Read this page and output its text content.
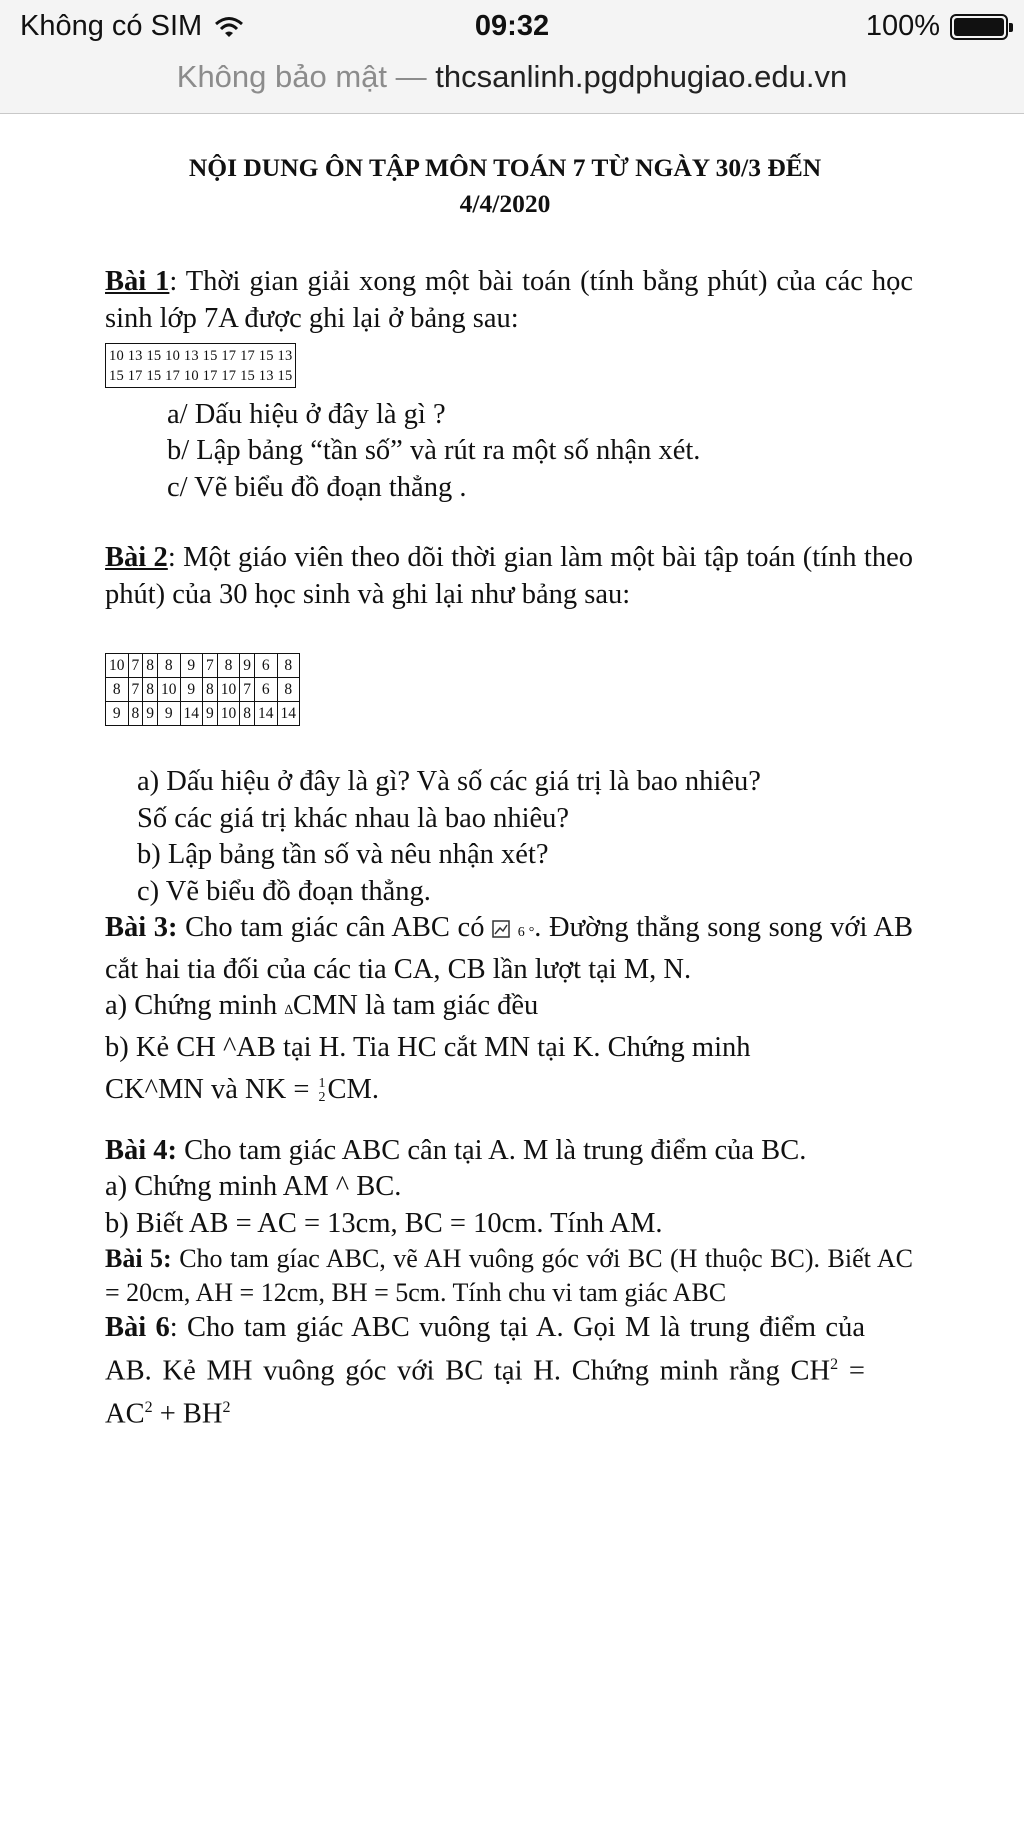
Không có SIM	09:32	100%
Không bảo mật — thcsanlinh.pgdphugiao.edu.vn
NỘI DUNG ÔN TẬP MÔN TOÁN 7 TỪ NGÀY 30/3 ĐẾN
4/4/2020
Bài 1: Thời gian giải xong một bài toán (tính bằng phút) của các học sinh lớp 7A được ghi lại ở bảng sau:
10 13 15 10 13 15 17 17 15 13
15 17 15 17 10 17 17 15 13 15
a/ Dấu hiệu ở đây là gì ?
b/ Lập bảng “tần số” và rút ra một số nhận xét.
c/ Vẽ biểu đồ đoạn thẳng .
Bài 2: Một giáo viên theo dõi thời gian làm một bài tập toán (tính theo phút) của 30 học sinh và ghi lại như bảng sau:
10	7	8	8	9	7	8	9	6	8
8	7	8	10	9	8	10	7	6	8
9	8	9	9	14	9	10	8	14	14
a) Dấu hiệu ở đây là gì? Và số các giá trị là bao nhiêu?
Số các giá trị khác nhau là bao nhiêu?
b) Lập bảng tần số và nêu nhận xét?
c) Vẽ biểu đồ đoạn thẳng.
Bài 3: Cho tam giác cân ABC có  6 °. Đường thẳng song song với AB cắt hai tia đối của các tia CA, CB lần lượt tại M, N.
a) Chứng minh ∆CMN là tam giác đều
b) Kẻ CH ^AB tại H. Tia HC cắt MN tại K. Chứng minh
CK^MN và NK = 1
2 CM.
Bài 4: Cho tam giác ABC cân tại A. M là trung điểm của BC.
a) Chứng minh AM ^ BC.
b) Biết AB = AC = 13cm, BC = 10cm. Tính AM.
Bài 5: Cho tam gíac ABC, vẽ AH vuông góc với BC (H thuộc BC). Biết AC = 20cm, AH = 12cm, BH = 5cm. Tính chu vi tam giác ABC
Bài 6: Cho tam giác ABC vuông tại A. Gọi M là trung điểm của AB. Kẻ MH vuông góc với BC tại H. Chứng minh rằng $CH^2 = AC^2 + BH^2$
